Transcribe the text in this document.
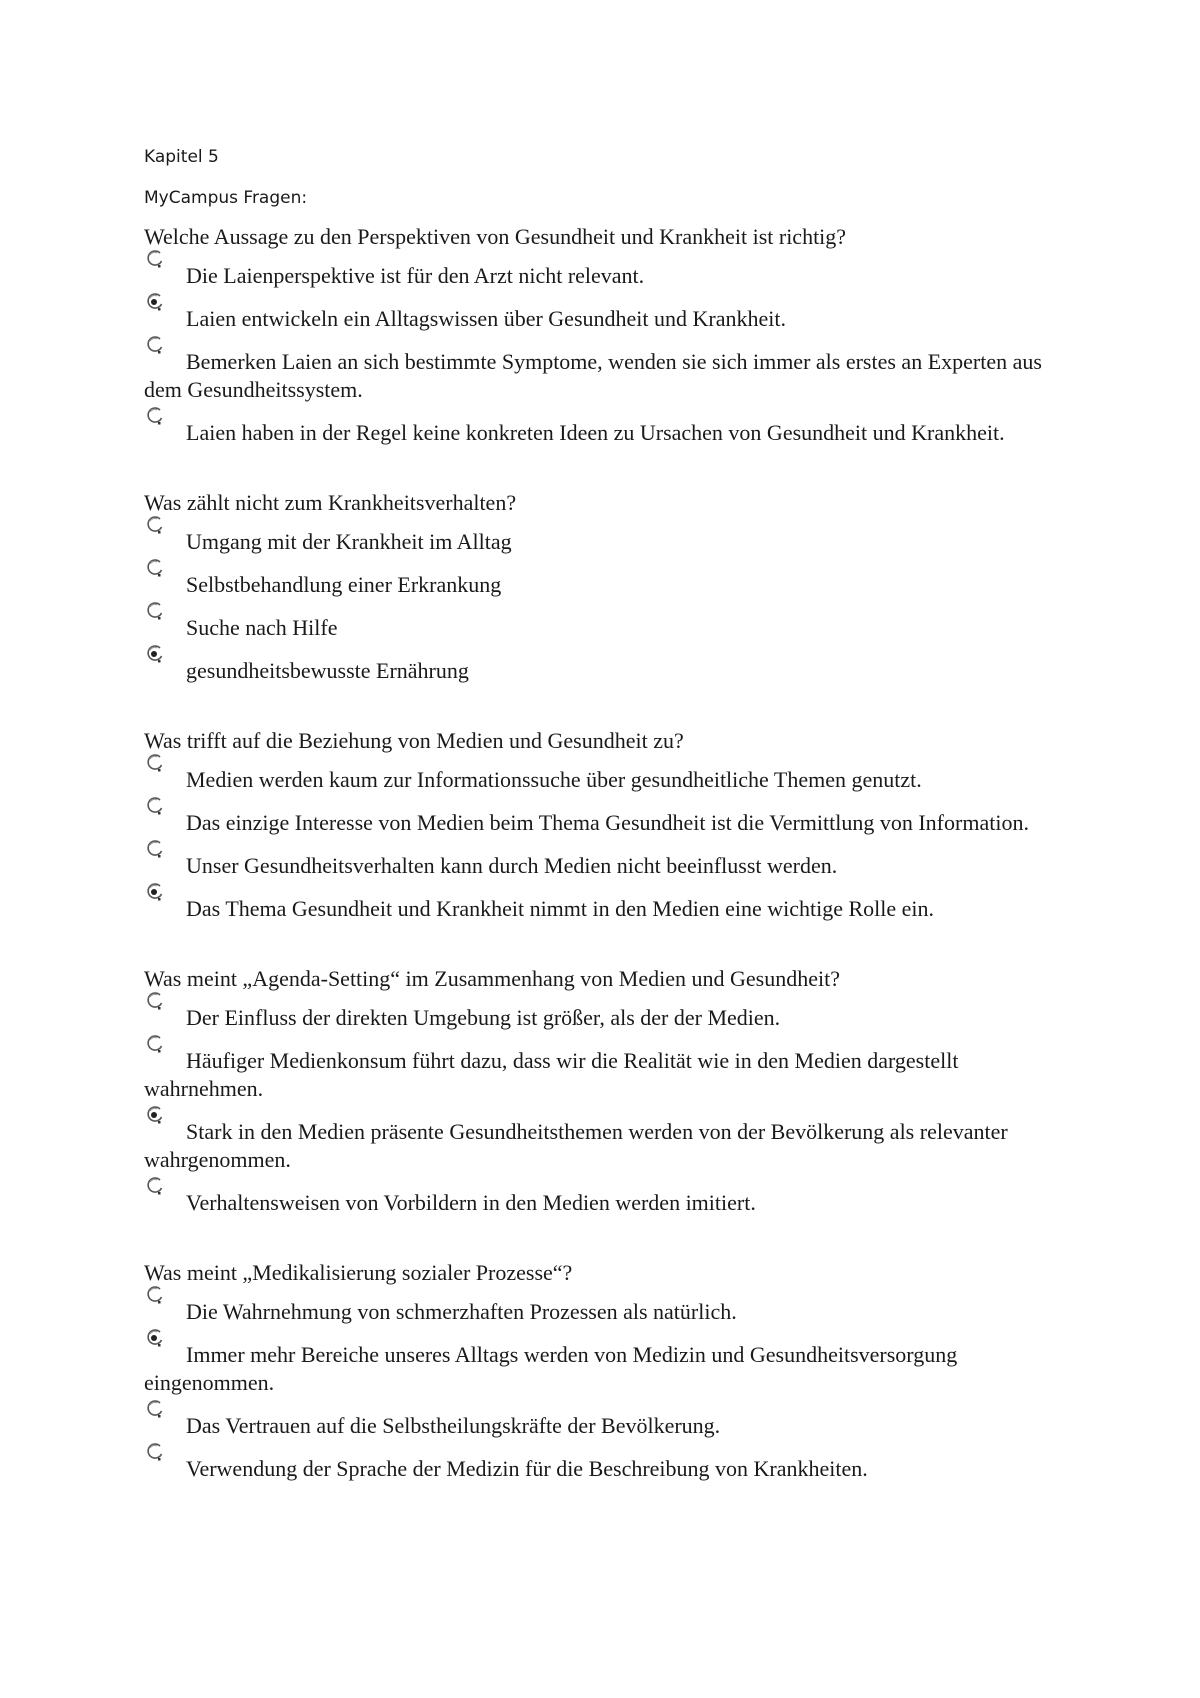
Kapitel 5
MyCampus Fragen:
Welche Aussage zu den Perspektiven von Gesundheit und Krankheit ist richtig?
Die Laienperspektive ist für den Arzt nicht relevant.
Laien entwickeln ein Alltagswissen über Gesundheit und Krankheit.
Bemerken Laien an sich bestimmte Symptome, wenden sie sich immer als erstes an Experten aus dem Gesundheitssystem.
Laien haben in der Regel keine konkreten Ideen zu Ursachen von Gesundheit und Krankheit.
Was zählt nicht zum Krankheitsverhalten?
Umgang mit der Krankheit im Alltag
Selbstbehandlung einer Erkrankung
Suche nach Hilfe
gesundheitsbewusste Ernährung
Was trifft auf die Beziehung von Medien und Gesundheit zu?
Medien werden kaum zur Informationssuche über gesundheitliche Themen genutzt.
Das einzige Interesse von Medien beim Thema Gesundheit ist die Vermittlung von Information.
Unser Gesundheitsverhalten kann durch Medien nicht beeinflusst werden.
Das Thema Gesundheit und Krankheit nimmt in den Medien eine wichtige Rolle ein.
Was meint „Agenda-Setting“ im Zusammenhang von Medien und Gesundheit?
Der Einfluss der direkten Umgebung ist größer, als der der Medien.
Häufiger Medienkonsum führt dazu, dass wir die Realität wie in den Medien dargestellt wahrnehmen.
Stark in den Medien präsente Gesundheitsthemen werden von der Bevölkerung als relevanter wahrgenommen.
Verhaltensweisen von Vorbildern in den Medien werden imitiert.
Was meint „Medikalisierung sozialer Prozesse“?
Die Wahrnehmung von schmerzhaften Prozessen als natürlich.
Immer mehr Bereiche unseres Alltags werden von Medizin und Gesundheitsversorgung eingenommen.
Das Vertrauen auf die Selbstheilungskräfte der Bevölkerung.
Verwendung der Sprache der Medizin für die Beschreibung von Krankheiten.
